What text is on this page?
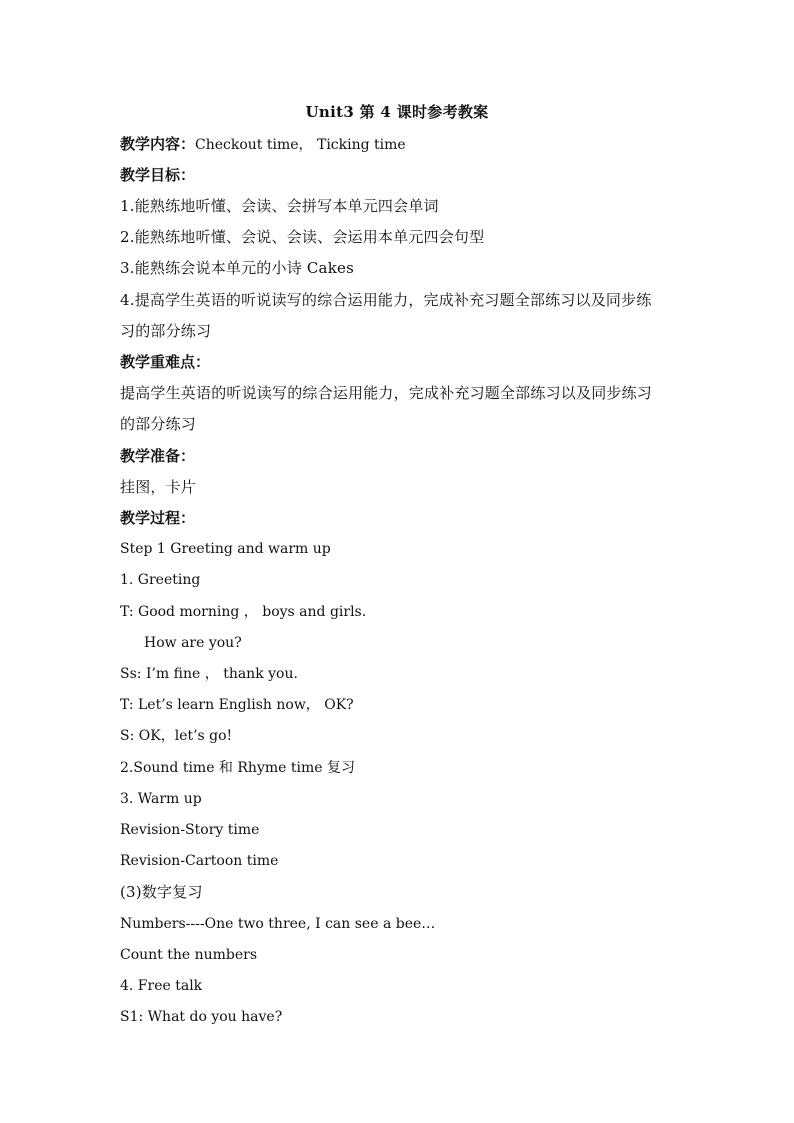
Unit3 第 4 课时参考教案
教学内容：Checkout time， Ticking time
教学目标：
1.能熟练地听懂、会读、会拼写本单元四会单词
2.能熟练地听懂、会说、会读、会运用本单元四会句型
3.能熟练会说本单元的小诗 Cakes
4.提高学生英语的听说读写的综合运用能力，完成补充习题全部练习以及同步练
习的部分练习
教学重难点：
提高学生英语的听说读写的综合运用能力，完成补充习题全部练习以及同步练习
的部分练习
教学准备：
挂图，卡片
教学过程：
Step 1 Greeting and warm up
1. Greeting
T: Good morning ， boys and girls.
How are you?
Ss: I’m fine ， thank you.
T: Let’s learn English now， OK?
S: OK，let’s go!
2.Sound time 和 Rhyme time 复习
3. Warm up
Revision-Story time
Revision-Cartoon time
(3)数字复习
Numbers----One two three, I can see a bee…
Count the numbers
4. Free talk
S1: What do you have?
